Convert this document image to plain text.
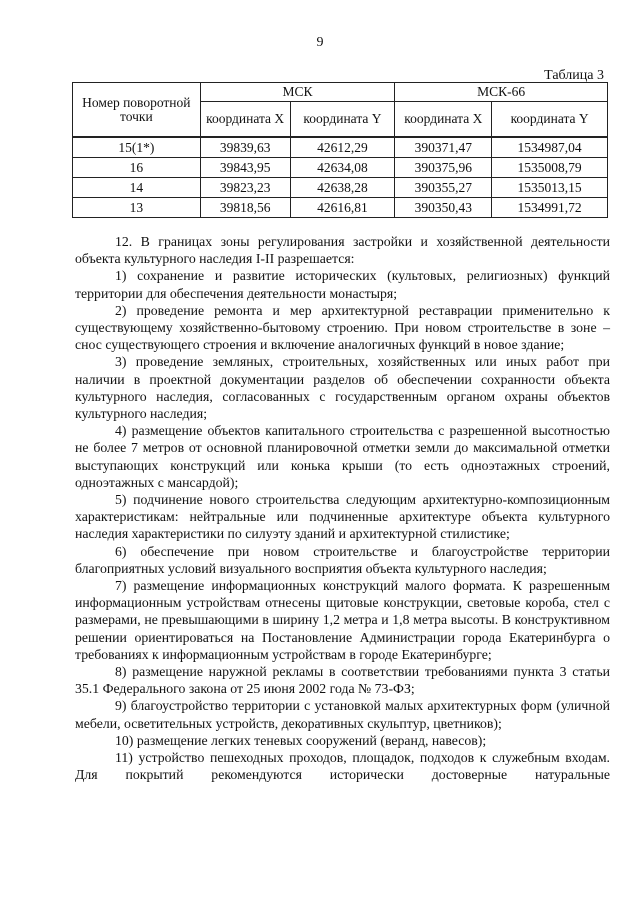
9
Таблица 3
Номер поворотной точки	МСК		МСК-66	
	координата X	координата Y	координата X	координата Y
15(1*)	39839,63	42612,29	390371,47	1534987,04
16	39843,95	42634,08	390375,96	1535008,79
14	39823,23	42638,28	390355,27	1535013,15
13	39818,56	42616,81	390350,43	1534991,72

12. В границах зоны регулирования застройки и хозяйственной деятельности объекта культурного наследия I-II разрешается:

1) сохранение и развитие исторических (культовых, религиозных) функций территории для обеспечения деятельности монастыря;

2) проведение ремонта и мер архитектурной реставрации применительно к существующему хозяйственно-бытовому строению. При новом строительстве в зоне – снос существующего строения и включение аналогичных функций в новое здание;

3) проведение земляных, строительных, хозяйственных или иных работ при наличии в проектной документации разделов об обеспечении сохранности объекта культурного наследия, согласованных с государственным органом охраны объектов культурного наследия;

4) размещение объектов капитального строительства с разрешенной высотностью не более 7 метров от основной планировочной отметки земли до максимальной отметки выступающих конструкций или конька крыши (то есть одноэтажных строений, одноэтажных с мансардой);

5) подчинение нового строительства следующим архитектурно-композиционным характеристикам: нейтральные или подчиненные архитектуре объекта культурного наследия характеристики по силуэту зданий и архитектурной стилистике;

6) обеспечение при новом строительстве и благоустройстве территории благоприятных условий визуального восприятия объекта культурного наследия;

7) размещение информационных конструкций малого формата. К разрешенным информационным устройствам отнесены щитовые конструкции, световые короба, стел с размерами, не превышающими в ширину 1,2 метра и 1,8 метра высоты. В конструктивном решении ориентироваться на Постановление Администрации города Екатеринбурга о требованиях к информационным устройствам в городе Екатеринбурге;

8) размещение наружной рекламы в соответствии требованиями пункта 3 статьи 35.1 Федерального закона от 25 июня 2002 года № 73-ФЗ;

9) благоустройство территории с установкой малых архитектурных форм (уличной мебели, осветительных устройств, декоративных скульптур, цветников);

10) размещение легких теневых сооружений (веранд, навесов);

11) устройство пешеходных проходов, площадок, подходов к служебным входам. Для покрытий рекомендуются исторически достоверные натуральные
